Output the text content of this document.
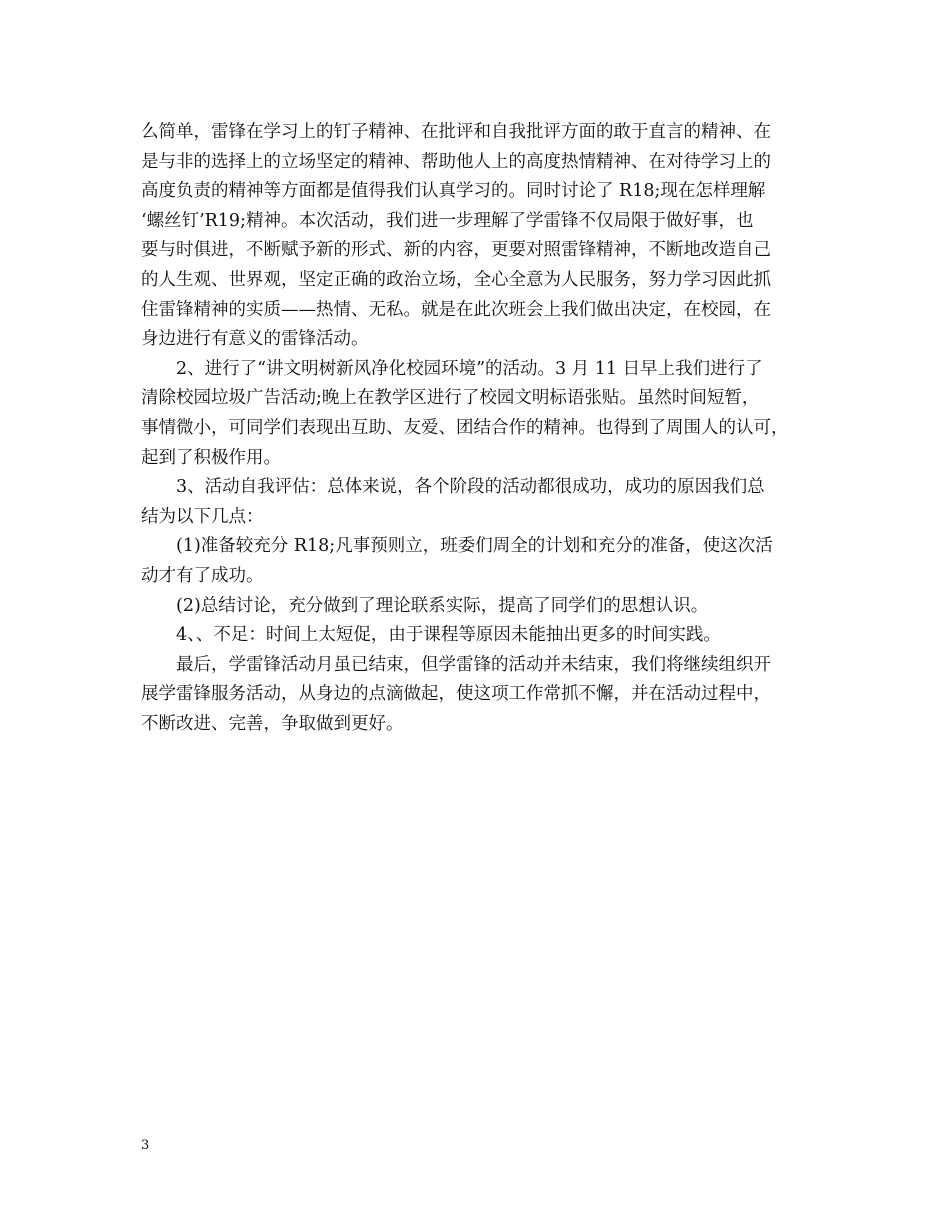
么简单，雷锋在学习上的钉子精神、在批评和自我批评方面的敢于直言的精神、在
是与非的选择上的立场坚定的精神、帮助他人上的高度热情精神、在对待学习上的
高度负责的精神等方面都是值得我们认真学习的。同时讨论了 R18;现在怎样理解
‘螺丝钉’R19;精神。本次活动，我们进一步理解了学雷锋不仅局限于做好事，也
要与时俱进，不断赋予新的形式、新的内容，更要对照雷锋精神，不断地改造自己
的人生观、世界观，坚定正确的政治立场，全心全意为人民服务，努力学习因此抓
住雷锋精神的实质——热情、无私。就是在此次班会上我们做出决定，在校园，在
身边进行有意义的雷锋活动。
　　2、进行了“讲文明树新风净化校园环境”的活动。3 月 11 日早上我们进行了
清除校园垃圾广告活动;晚上在教学区进行了校园文明标语张贴。虽然时间短暂，
事情微小，可同学们表现出互助、友爱、团结合作的精神。也得到了周围人的认可，
起到了积极作用。
　　3、活动自我评估：总体来说，各个阶段的活动都很成功，成功的原因我们总
结为以下几点：
　　(1)准备较充分 R18;凡事预则立，班委们周全的计划和充分的准备，使这次活
动才有了成功。
　　(2)总结讨论，充分做到了理论联系实际，提高了同学们的思想认识。
　　4、、不足：时间上太短促，由于课程等原因未能抽出更多的时间实践。
　　最后，学雷锋活动月虽已结束，但学雷锋的活动并未结束，我们将继续组织开
展学雷锋服务活动，从身边的点滴做起，使这项工作常抓不懈，并在活动过程中，
不断改进、完善，争取做到更好。
3
